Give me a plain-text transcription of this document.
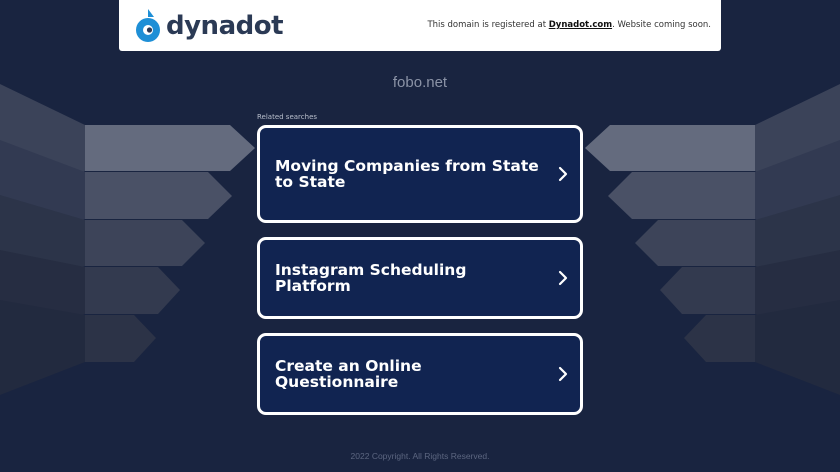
dynadot	This domain is registered at Dynadot.com. Website coming soon.
fobo.net
Related searches
Moving Companies from State to State
Instagram Scheduling Platform
Create an Online Questionnaire
2022 Copyright. All Rights Reserved.
